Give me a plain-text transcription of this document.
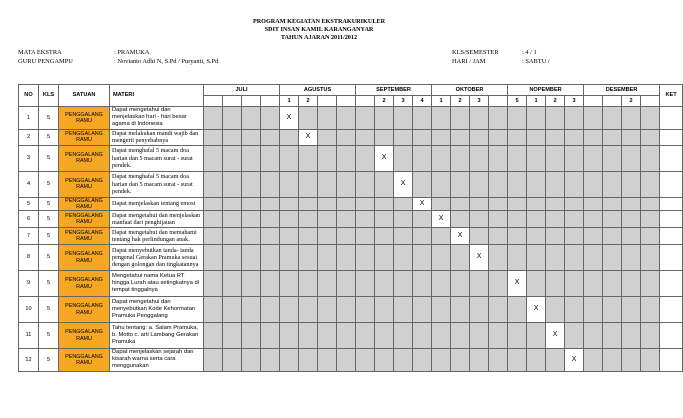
PROGRAM KEGIATAN EKSTRAKURIKULER
SDIT INSAN KAMIL KARANGANYAR
TAHUN AJARAN 2011/2012
MATA EKSTRA	: PRAMUKA
GURU PENGAMPU	: Novianto Adhi N, S.Pd / Puryanti, S.Pd
KLS/SEMESTER	: 4 / 1
HARI / JAM	: SABTU /
NO	KLS	SATUAN	MATERI	JULI				AGUSTUS				SEPTEMBER				OKTOBER				NOPEMBER				DESEMBER				KET
								1	2				2	3	4	1	2	3		5	1	2	3			2		
1	5	PENGGALANG RAMU	Dapat mengetahui dan menjelaskan hari - hari besar agama di Indonesia					X																				
2	5	PENGGALANG RAMU	Dapat melakukan mandi wajib dan mengerti penyebabnya						X																			
3	5	PENGGALANG RAMU	Dapat menghafal 5 macam doa harian dan 5 macam surat - surat pendek.										X															
4	5	PENGGALANG RAMU	Dapat menghafal 5 macam doa harian dan 5 macam surat - surat pendek.											X														
5	5	PENGGALANG RAMU	Dapat menjelaskan tentang emosi												X													
6	5	PENGGALANG RAMU	Dapat mengetahui dan menjelaskan manfaat dari penghijauan													X												
7	5	PENGGALANG RAMU	Dapat mengetahui dan memahami tentang hak perlindungan anak.														X											
8	5	PENGGALANG RAMU	Dapat menyebutkan tanda- tanda pengenal Gerakan Pramuka sesuai dengan golongan dan tingkatannya															X										
9	5	PENGGALANG RAMU	Mengetahui nama Ketua RT hingga Lurah atau setingkatnya di tempat tinggalnya																	X								
10	5	PENGGALANG RAMU	Dapat mengetahui dan menyebutkan Kode Kehormatan Pramuka Penggalang																		X							
11	5	PENGGALANG RAMU	Tahu tentang: a. Salam Pramuka, b. Motto c. arti Lambang Gerakan Pramuka																			X						
12	5	PENGGALANG RAMU	Dapat menjelaskan sejarah dan kisarah warna serta cara menggunakan																				X					
